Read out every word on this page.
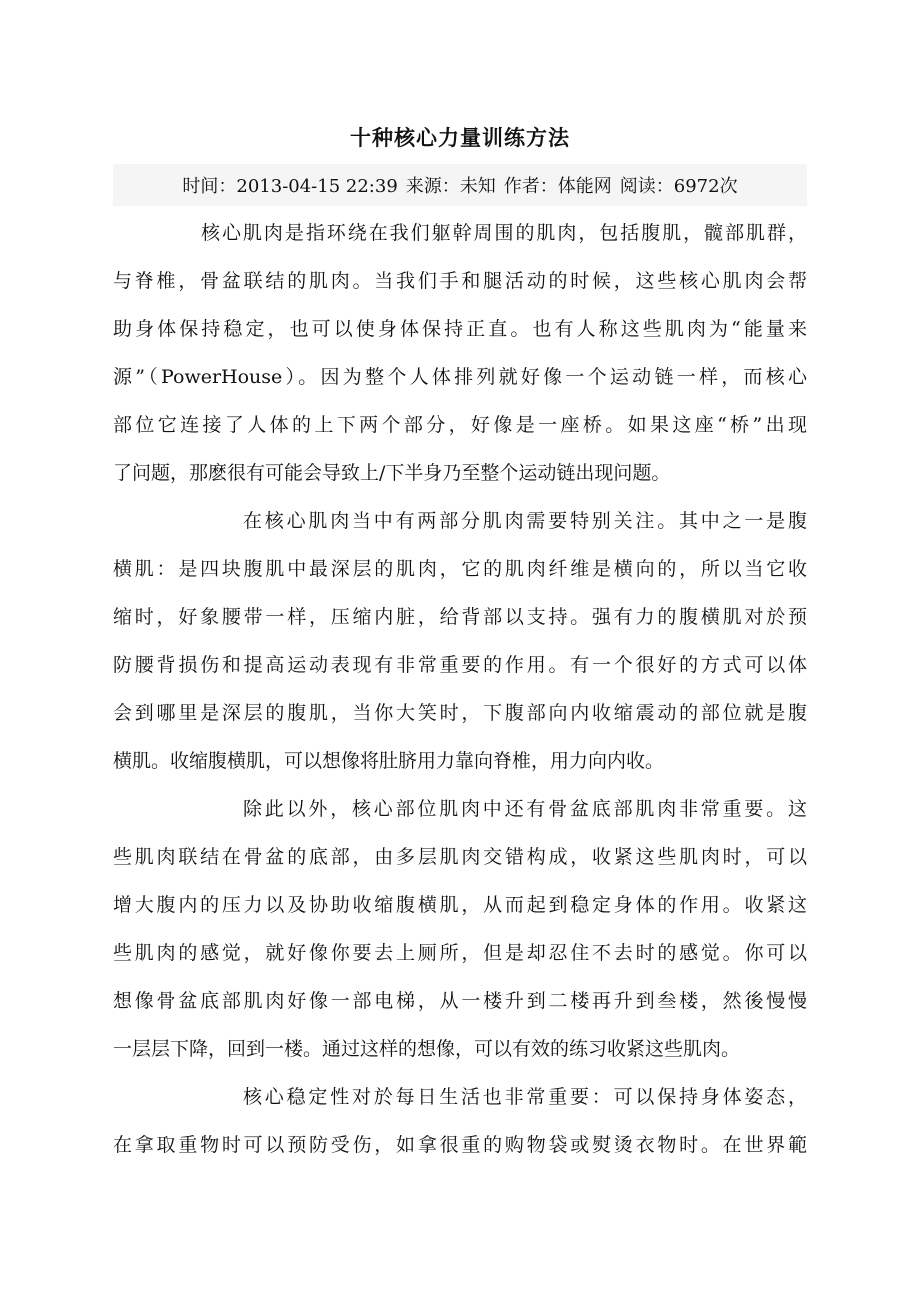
十种核心力量训练方法
时间：2013-04-15 22:39 来源：未知 作者：体能网 阅读：6972次
核心肌肉是指环绕在我们躯幹周围的肌肉，包括腹肌，髋部肌群，
与脊椎，骨盆联结的肌肉。当我们手和腿活动的时候，这些核心肌肉会帮
助身体保持稳定，也可以使身体保持正直。也有人称这些肌肉为“能量来
源”（PowerHouse）。因为整个人体排列就好像一个运动链一样，而核心
部位它连接了人体的上下两个部分，好像是一座桥。如果这座“桥”出现
了问题，那麽很有可能会导致上/下半身乃至整个运动链出现问题。
在核心肌肉当中有两部分肌肉需要特别关注。其中之一是腹
横肌：是四块腹肌中最深层的肌肉，它的肌肉纤维是横向的，所以当它收
缩时，好象腰带一样，压缩内脏，给背部以支持。强有力的腹横肌对於预
防腰背损伤和提高运动表现有非常重要的作用。有一个很好的方式可以体
会到哪里是深层的腹肌，当你大笑时，下腹部向内收缩震动的部位就是腹
横肌。收缩腹横肌，可以想像将肚脐用力靠向脊椎，用力向内收。
除此以外，核心部位肌肉中还有骨盆底部肌肉非常重要。这
些肌肉联结在骨盆的底部，由多层肌肉交错构成，收紧这些肌肉时，可以
增大腹内的压力以及协助收缩腹横肌，从而起到稳定身体的作用。收紧这
些肌肉的感觉，就好像你要去上厕所，但是却忍住不去时的感觉。你可以
想像骨盆底部肌肉好像一部电梯，从一楼升到二楼再升到叁楼，然後慢慢
一层层下降，回到一楼。通过这样的想像，可以有效的练习收紧这些肌肉。
核心稳定性对於每日生活也非常重要：可以保持身体姿态，
在拿取重物时可以预防受伤，如拿很重的购物袋或熨烫衣物时。在世界範
